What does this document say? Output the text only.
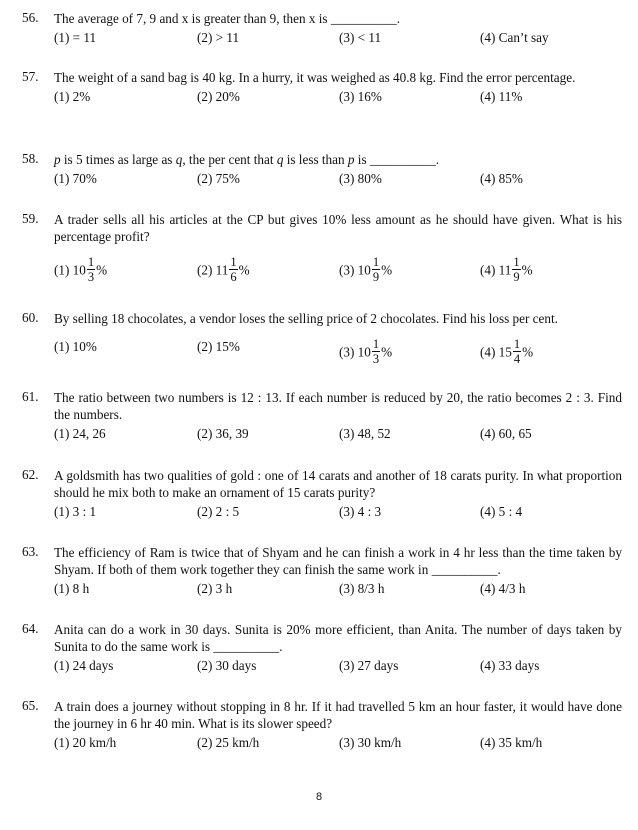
56.	The average of 7, 9 and x is greater than 9, then x is __________.
(1) = 11	(2) > 11	(3) < 11	(4) Can’t say
57.	The weight of a sand bag is 40 kg. In a hurry, it was weighed as 40.8 kg. Find the error percentage.
(1) 2%	(2) 20%	(3) 16%	(4) 11%
58.	p is 5 times as large as q, the per cent that q is less than p is __________.
(1) 70%	(2) 75%	(3) 80%	(4) 85%
59.	A trader sells all his articles at the CP but gives 10% less amount as he should have given. What is his percentage profit?
(1) $10 \frac{1}{3}$ %	(2) $11 \frac{1}{6}$ %	(3) $10 \frac{1}{9}$ %	(4) $11 \frac{1}{9}$ %
60.	By selling 18 chocolates, a vendor loses the selling price of 2 chocolates. Find his loss per cent.
(1) 10%	(2) 15%	(3) $10 \frac{1}{3}$ %	(4) $15 \frac{1}{4}$ %
61.	The ratio between two numbers is 12 : 13. If each number is reduced by 20, the ratio becomes 2 : 3. Find the numbers.
(1) 24, 26	(2) 36, 39	(3) 48, 52	(4) 60, 65
62.	A goldsmith has two qualities of gold : one of 14 carats and another of 18 carats purity. In what proportion should he mix both to make an ornament of 15 carats purity?
(1) 3 : 1	(2) 2 : 5	(3) 4 : 3	(4) 5 : 4
63.	The efficiency of Ram is twice that of Shyam and he can finish a work in 4 hr less than the time taken by Shyam. If both of them work together they can finish the same work in __________.
(1) 8 h	(2) 3 h	(3) 8/3 h	(4) 4/3 h
64.	Anita can do a work in 30 days. Sunita is 20% more efficient, than Anita. The number of days taken by Sunita to do the same work is __________.
(1) 24 days	(2) 30 days	(3) 27 days	(4) 33 days
65.	A train does a journey without stopping in 8 hr. If it had travelled 5 km an hour faster, it would have done the journey in 6 hr 40 min. What is its slower speed?
(1) 20 km/h	(2) 25 km/h	(3) 30 km/h	(4) 35 km/h
8
